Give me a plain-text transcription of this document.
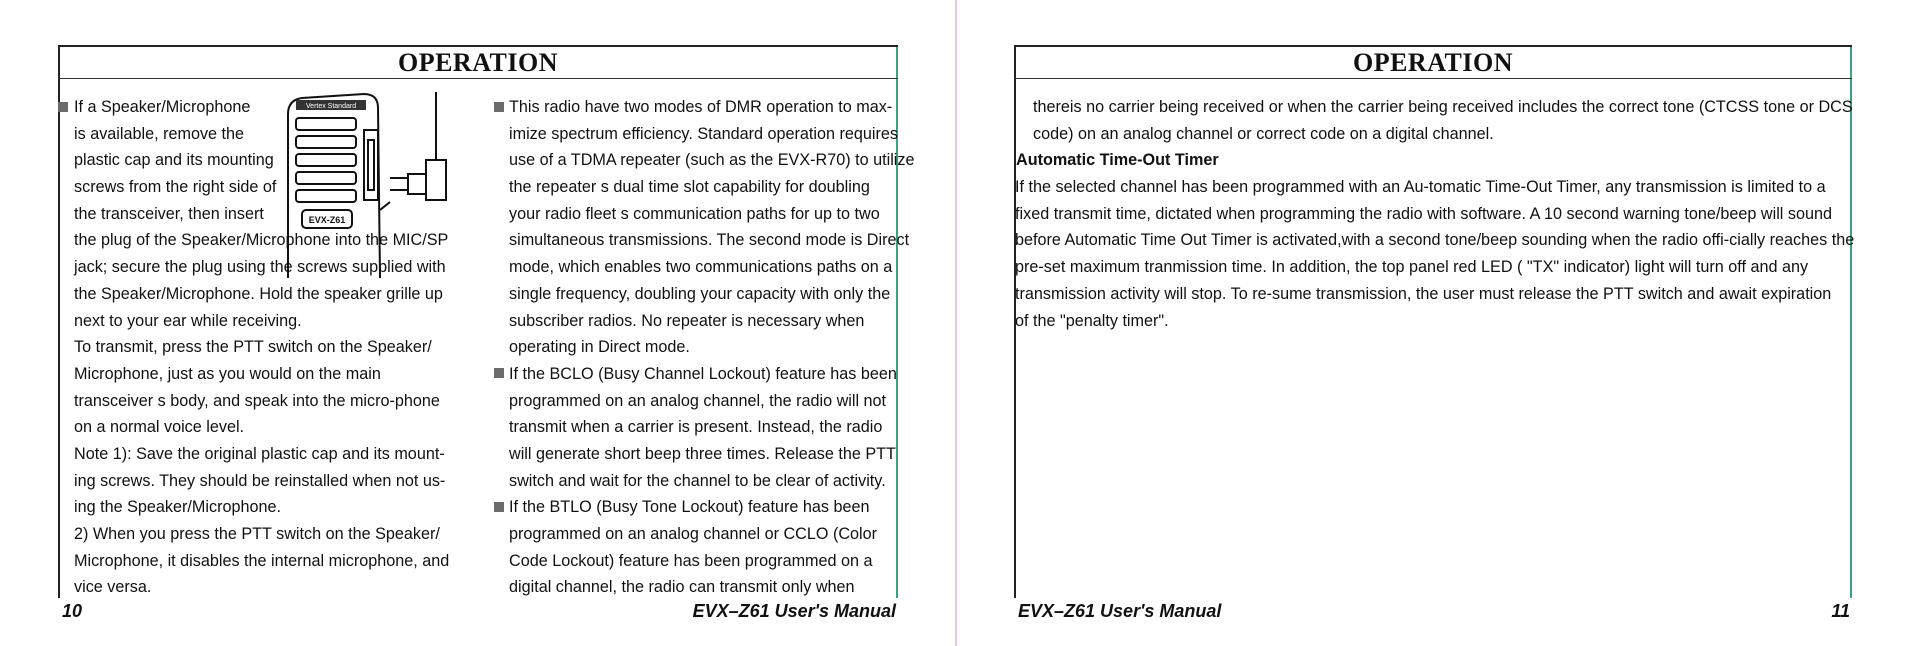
OPERATION
If a Speaker/Microphone
is available, remove the
plastic cap and its mounting
screws from the right side of
the transceiver, then insert
the plug of the Speaker/Microphone into the MIC/SP
jack; secure the plug using the screws supplied with
the Speaker/Microphone. Hold the speaker grille up
next to your ear while receiving.
To transmit, press the PTT switch on the Speaker/
Microphone, just as you would on the main
transceiver s body, and speak into the micro-phone
on a normal voice level.
Note 1): Save the original plastic cap and its mount-
ing screws. They should be reinstalled when not us-
ing the Speaker/Microphone.
2) When you press the PTT switch on the Speaker/
Microphone, it disables the internal microphone, and
vice versa.
Vertex Standard
EVX-Z61
This radio have two modes of DMR operation to max-
imize spectrum efficiency. Standard operation requires
use of a TDMA repeater (such as the EVX-R70) to utilize
the repeater s dual time slot capability for doubling
your radio fleet s communication paths for up to two
simultaneous transmissions. The second mode is Direct
mode, which enables two communications paths on a
single frequency, doubling your capacity with only the
subscriber radios. No repeater is necessary when
operating in Direct mode.
If the BCLO (Busy Channel Lockout) feature has been
programmed on an analog channel, the radio will not
transmit when a carrier is present. Instead, the radio
will generate short beep three times. Release the PTT
switch and wait for the channel to be clear of activity.
If the BTLO (Busy Tone Lockout) feature has been
programmed on an analog channel or CCLO (Color
Code Lockout) feature has been programmed on a
digital channel, the radio can transmit only when
10	EVX–Z61 User's Manual
OPERATION
thereis no carrier being received or when the carrier being received includes the correct tone (CTCSS tone or DCS
code) on an analog channel or correct code on a digital channel.
Automatic Time-Out Timer
If the selected channel has been programmed with an Au-tomatic Time-Out Timer, any transmission is limited to a
fixed transmit time, dictated when programming the radio with software. A 10 second warning tone/beep will sound
before Automatic Time Out Timer is activated,with a second tone/beep sounding when the radio offi-cially reaches the
pre-set maximum tranmission time. In addition, the top panel red LED ( "TX" indicator) light will turn off and any
transmission activity will stop. To re-sume transmission, the user must release the PTT switch and await expiration
of the "penalty timer".
EVX–Z61 User's Manual	11
